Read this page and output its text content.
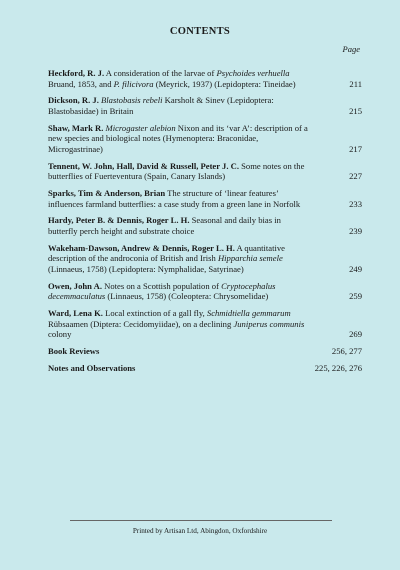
CONTENTS
Page
Heckford, R. J. A consideration of the larvae of Psychoides verhuella Bruand, 1853, and P. filicivora (Meyrick, 1937) (Lepidoptera: Tineidae)	211
Dickson, R. J. Blastobasis rebeli Karsholt & Sinev (Lepidoptera: Blastobasidae) in Britain	215
Shaw, Mark R. Microgaster alebion Nixon and its ‘var A’: description of a new species and biological notes (Hymenoptera: Braconidae, Microgastrinae)	217
Tennent, W. John, Hall, David & Russell, Peter J. C. Some notes on the butterflies of Fuerteventura (Spain, Canary Islands)	227
Sparks, Tim & Anderson, Brian The structure of ‘linear features’ influences farmland butterflies: a case study from a green lane in Norfolk	233
Hardy, Peter B. & Dennis, Roger L. H. Seasonal and daily bias in butterfly perch height and substrate choice	239
Wakeham-Dawson, Andrew & Dennis, Roger L. H. A quantitative description of the androconia of British and Irish Hipparchia semele (Linnaeus, 1758) (Lepidoptera: Nymphalidae, Satyrinae)	249
Owen, John A. Notes on a Scottish population of Cryptocephalus decemmaculatus (Linnaeus, 1758) (Coleoptera: Chrysomelidae)	259
Ward, Lena K. Local extinction of a gall fly, Schmidtiella gemmarum Rübsaamen (Diptera: Cecidomyiidae), on a declining Juniperus communis colony	269
Book Reviews	256, 277
Notes and Observations	225, 226, 276
Printed by Artisan Ltd, Abingdon, Oxfordshire
